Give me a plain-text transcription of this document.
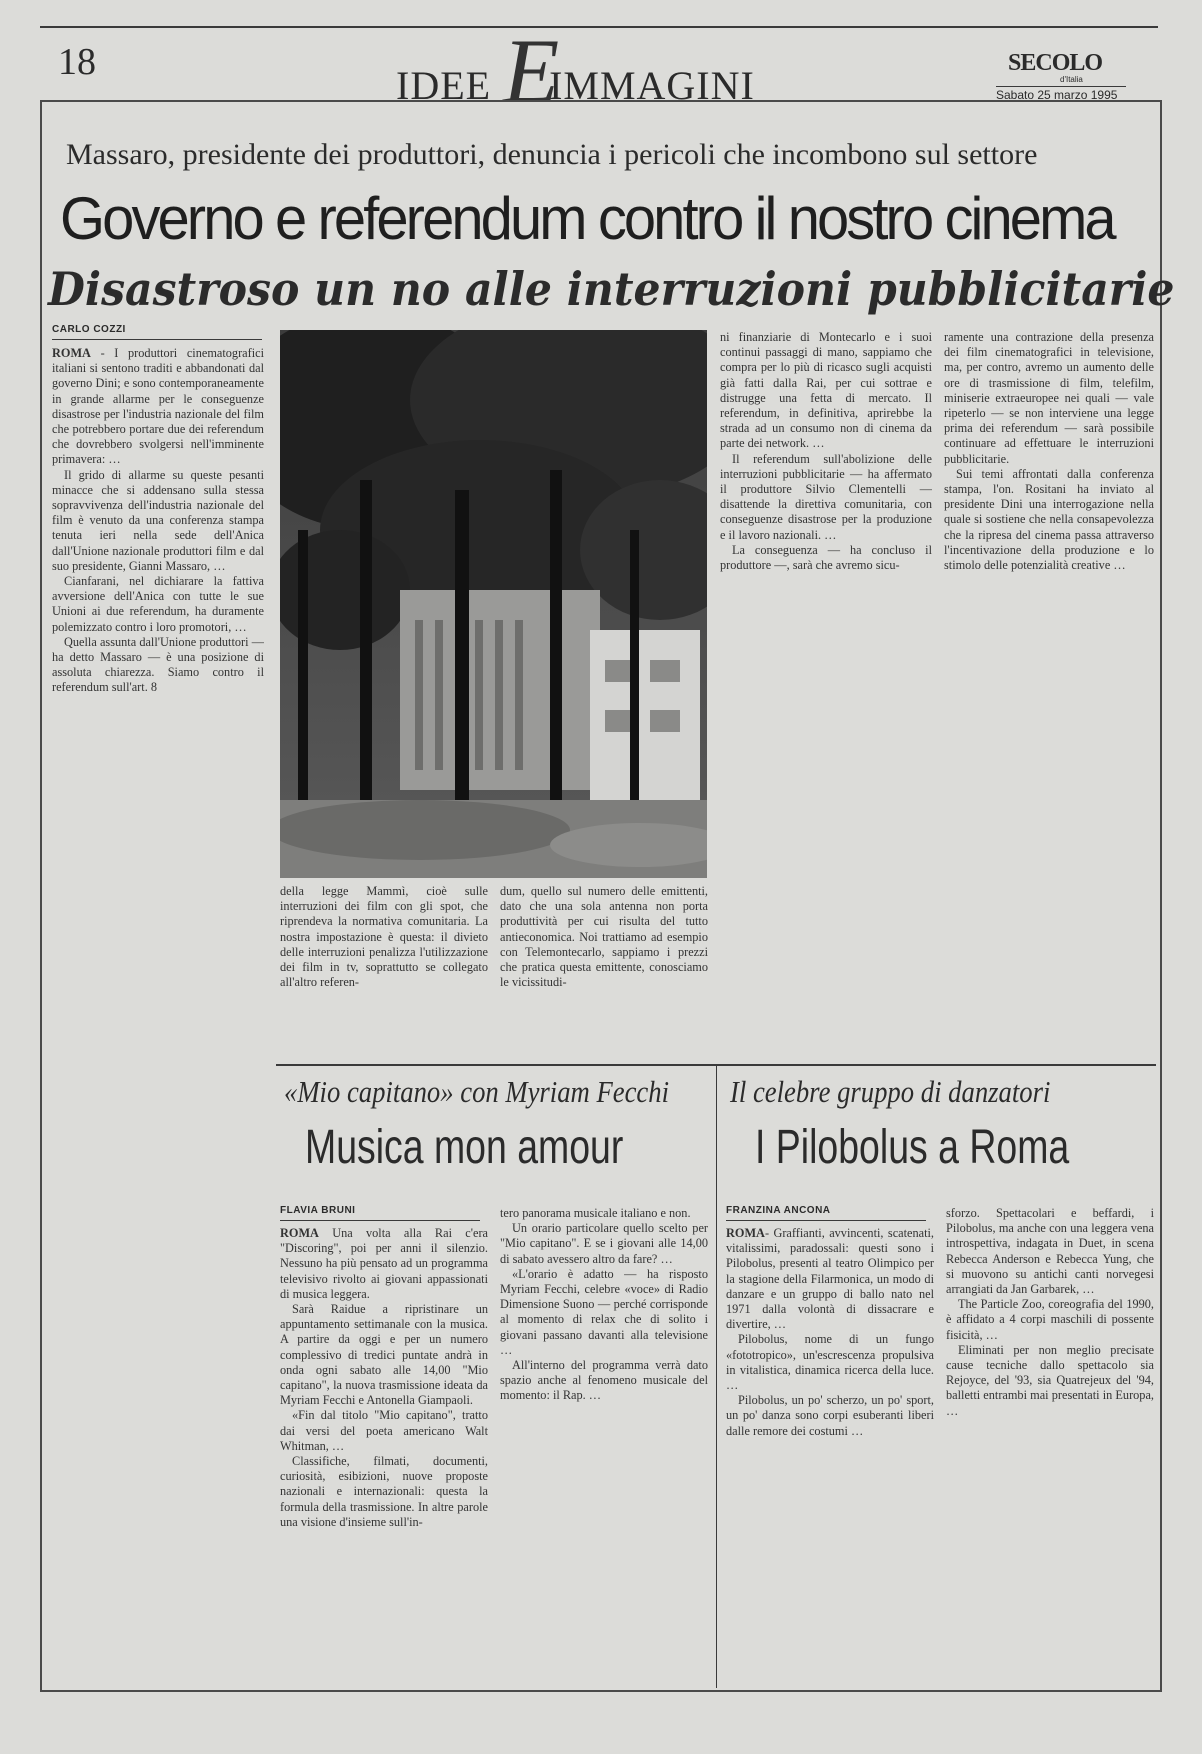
18	E
IDEE IMMAGINI	SECOLO
d'Italia
Sabato 25 marzo 1995
Massaro, presidente dei produttori, denuncia i pericoli che incombono sul settore
Governo e referendum contro il nostro cinema
Disastroso un no alle interruzioni pubblicitarie
CARLO COZZI

ROMA - I produttori cinematografici italiani si sentono traditi e abbandonati dal governo Dini; e sono contemporaneamente in grande allarme per le conseguenze disastrose per l'industria nazionale del film che potrebbero portare due dei referendum che dovrebbero svolgersi nell'imminente primavera: …

Il grido di allarme su queste pesanti minacce che si addensano sulla stessa sopravvivenza dell'industria nazionale del film è venuto da una conferenza stampa tenuta ieri nella sede dell'Anica dall'Unione nazionale produttori film e dal suo presidente, Gianni Massaro, …

Cianfarani, nel dichiarare la fattiva avversione dell'Anica con tutte le sue Unioni ai due referendum, ha duramente polemizzato contro i loro promotori, …

Quella assunta dall'Unione produttori — ha detto Massaro — è una posizione di assoluta chiarezza. Siamo contro il referendum sull'art. 8

della legge Mammì, cioè sulle interruzioni dei film con gli spot, che riprendeva la normativa comunitaria. La nostra impostazione è questa: il divieto delle interruzioni penalizza l'utilizzazione dei film in tv, soprattutto se collegato all'altro referen-

dum, quello sul numero delle emittenti, dato che una sola antenna non porta produttività per cui risulta del tutto antieconomica. Noi trattiamo ad esempio con Telemontecarlo, sappiamo i prezzi che pratica questa emittente, conosciamo le vicissitudi-

ni finanziarie di Montecarlo e i suoi continui passaggi di mano, sappiamo che compra per lo più di ricasco sugli acquisti già fatti dalla Rai, per cui sottrae e distrugge una fetta di mercato. Il referendum, in definitiva, aprirebbe la strada ad un consumo non di cinema da parte dei network. …

Il referendum sull'abolizione delle interruzioni pubblicitarie — ha affermato il produttore Silvio Clementelli — disattende la direttiva comunitaria, con conseguenze disastrose per la produzione e il lavoro nazionali. …

La conseguenza — ha concluso il produttore —, sarà che avremo sicu-

ramente una contrazione della presenza dei film cinematografici in televisione, ma, per contro, avremo un aumento delle ore di trasmissione di film, telefilm, miniserie extraeuropee nei quali — vale ripeterlo — se non interviene una legge prima dei referendum — sarà possibile continuare ad effettuare le interruzioni pubblicitarie.

Sui temi affrontati dalla conferenza stampa, l'on. Rositani ha inviato al presidente Dini una interrogazione nella quale si sostiene che nella consapevolezza che la ripresa del cinema passa attraverso l'incentivazione della produzione e lo stimolo delle potenzialità creative …

«Mio capitano» con Myriam Fecchi
Musica mon amour
FLAVIA BRUNI

ROMA Una volta alla Rai c'era "Discoring", poi per anni il silenzio. Nessuno ha più pensato ad un programma televisivo rivolto ai giovani appassionati di musica leggera.

Sarà Raidue a ripristinare un appuntamento settimanale con la musica. A partire da oggi e per un numero complessivo di tredici puntate andrà in onda ogni sabato alle 14,00 "Mio capitano", la nuova trasmissione ideata da Myriam Fecchi e Antonella Giampaoli.

«Fin dal titolo "Mio capitano", tratto dai versi del poeta americano Walt Whitman, …

Classifiche, filmati, documenti, curiosità, esibizioni, nuove proposte nazionali e internazionali: questa la formula della trasmissione. In altre parole una visione d'insieme sull'in-

tero panorama musicale italiano e non.

Un orario particolare quello scelto per "Mio capitano". E se i giovani alle 14,00 di sabato avessero altro da fare? …

«L'orario è adatto — ha risposto Myriam Fecchi, celebre «voce» di Radio Dimensione Suono — perché corrisponde al momento di relax che di solito i giovani passano davanti alla televisione …

All'interno del programma verrà dato spazio anche al fenomeno musicale del momento: il Rap. …

Il celebre gruppo di danzatori
I Pilobolus a Roma
FRANZINA ANCONA

ROMA- Graffianti, avvincenti, scatenati, vitalissimi, paradossali: questi sono i Pilobolus, presenti al teatro Olimpico per la stagione della Filarmonica, un modo di danzare e un gruppo di ballo nato nel 1971 dalla volontà di dissacrare e divertire, …

Pilobolus, nome di un fungo «fototropico», un'escrescenza propulsiva in vitalistica, dinamica ricerca della luce. …

Pilobolus, un po' scherzo, un po' sport, un po' danza sono corpi esuberanti liberi dalle remore dei costumi …

sforzo. Spettacolari e beffardi, i Pilobolus, ma anche con una leggera vena introspettiva, indagata in Duet, in scena Rebecca Anderson e Rebecca Yung, che si muovono su antichi canti norvegesi arrangiati da Jan Garbarek, …

The Particle Zoo, coreografia del 1990, è affidato a 4 corpi maschili di possente fisicità, …

Eliminati per non meglio precisate cause tecniche dallo spettacolo sia Rejoyce, del '93, sia Quatrejeux del '94, balletti entrambi mai presentati in Europa, …
